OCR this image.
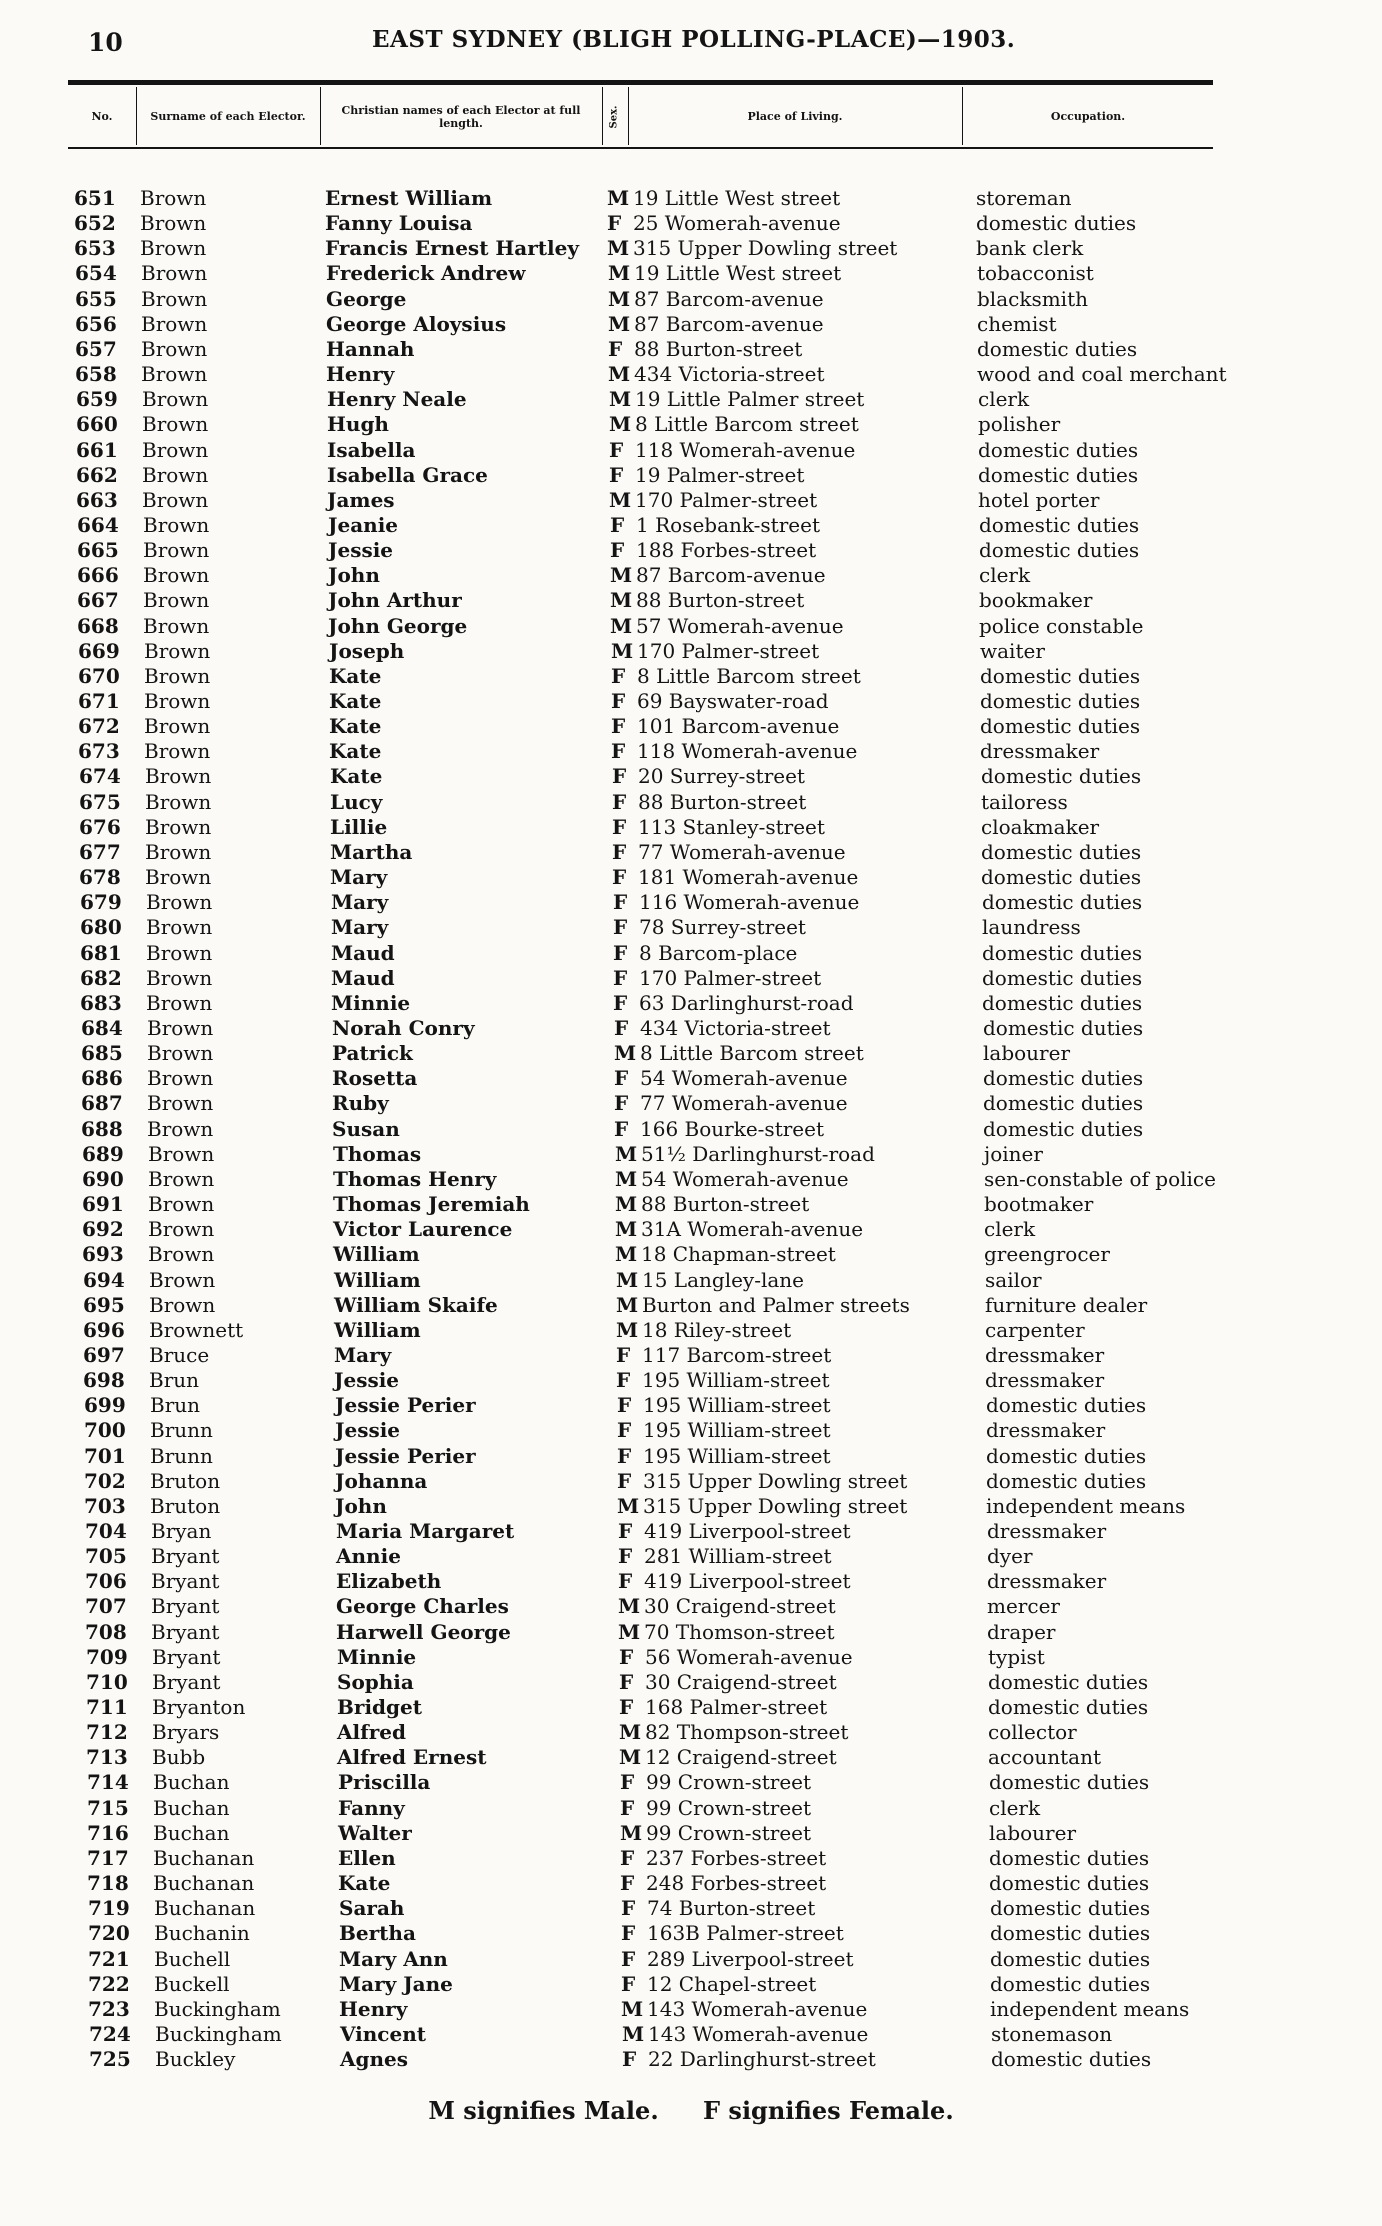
10	EAST SYDNEY (BLIGH POLLING-PLACE)—1903.
No.	Surname of each Elector.
Christian names of each Elector at full length.	Sex.	Place of Living.	Occupation.
651 Brown	Ernest William	M 19 Little West street	storeman
652 Brown	Fanny Louisa	F 25 Womerah-avenue	domestic duties
653 Brown	Francis Ernest Hartley M 315 Upper Dowling street	bank clerk
654 Brown	Frederick Andrew	M 19 Little West street	tobacconist
655 Brown	George	M 87 Barcom-avenue	blacksmith
656 Brown	George Aloysius	M 87 Barcom-avenue	chemist
657 Brown	Hannah	F 88 Burton-street	domestic duties
658 Brown	Henry	M 434 Victoria-street	wood and coal merchant
659 Brown	Henry Neale	M 19 Little Palmer street	clerk
660 Brown	Hugh	M 8 Little Barcom street	polisher
661 Brown	Isabella	F 118 Womerah-avenue	domestic duties
662 Brown	Isabella Grace	F 19 Palmer-street	domestic duties
663 Brown	James	M 170 Palmer-street	hotel porter
664 Brown	Jeanie	F 1 Rosebank-street	domestic duties
665 Brown	Jessie	F 188 Forbes-street	domestic duties
666 Brown	John	M 87 Barcom-avenue	clerk
667 Brown	John Arthur	M 88 Burton-street	bookmaker
668 Brown	John George	M 57 Womerah-avenue	police constable
669 Brown	Joseph	M 170 Palmer-street	waiter
670 Brown	Kate	F 8 Little Barcom street	domestic duties
671 Brown	Kate	F 69 Bayswater-road	domestic duties
672 Brown	Kate	F 101 Barcom-avenue	domestic duties
673 Brown	Kate	F 118 Womerah-avenue	dressmaker
674 Brown	Kate	F 20 Surrey-street	domestic duties
675 Brown	Lucy	F 88 Burton-street	tailoress
676 Brown	Lillie	F 113 Stanley-street	cloakmaker
677 Brown	Martha	F 77 Womerah-avenue	domestic duties
678 Brown	Mary	F 181 Womerah-avenue	domestic duties
679 Brown	Mary	F 116 Womerah-avenue	domestic duties
680 Brown	Mary	F 78 Surrey-street	laundress
681 Brown	Maud	F 8 Barcom-place	domestic duties
682 Brown	Maud	F 170 Palmer-street	domestic duties
683 Brown	Minnie	F 63 Darlinghurst-road	domestic duties
684 Brown	Norah Conry	F 434 Victoria-street	domestic duties
685 Brown	Patrick	M 8 Little Barcom street	labourer
686 Brown	Rosetta	F 54 Womerah-avenue	domestic duties
687 Brown	Ruby	F 77 Womerah-avenue	domestic duties
688 Brown	Susan	F 166 Bourke-street	domestic duties
689 Brown	Thomas	M 51½ Darlinghurst-road	joiner
690 Brown	Thomas Henry	M 54 Womerah-avenue	sen-constable of police
691 Brown	Thomas Jeremiah	M 88 Burton-street	bootmaker
692 Brown	Victor Laurence	M 31A Womerah-avenue	clerk
693 Brown	William	M 18 Chapman-street	greengrocer
694 Brown	William	M 15 Langley-lane	sailor
695 Brown	William Skaife	M Burton and Palmer streets	furniture dealer
696 Brownett	William	M 18 Riley-street	carpenter
697 Bruce	Mary	F 117 Barcom-street	dressmaker
698 Brun	Jessie	F 195 William-street	dressmaker
699 Brun	Jessie Perier	F 195 William-street	domestic duties
700 Brunn	Jessie	F 195 William-street	dressmaker
701 Brunn	Jessie Perier	F 195 William-street	domestic duties
702 Bruton	Johanna	F 315 Upper Dowling street	domestic duties
703 Bruton	John	M 315 Upper Dowling street	independent means
704 Bryan	Maria Margaret	F 419 Liverpool-street	dressmaker
705 Bryant	Annie	F 281 William-street	dyer
706 Bryant	Elizabeth	F 419 Liverpool-street	dressmaker
707 Bryant	George Charles	M 30 Craigend-street	mercer
708 Bryant	Harwell George	M 70 Thomson-street	draper
709 Bryant	Minnie	F 56 Womerah-avenue	typist
710 Bryant	Sophia	F 30 Craigend-street	domestic duties
711 Bryanton	Bridget	F 168 Palmer-street	domestic duties
712 Bryars	Alfred	M 82 Thompson-street	collector
713 Bubb	Alfred Ernest	M 12 Craigend-street	accountant
714 Buchan	Priscilla	F 99 Crown-street	domestic duties
715 Buchan	Fanny	F 99 Crown-street	clerk
716 Buchan	Walter	M 99 Crown-street	labourer
717 Buchanan	Ellen	F 237 Forbes-street	domestic duties
718 Buchanan	Kate	F 248 Forbes-street	domestic duties
719 Buchanan	Sarah	F 74 Burton-street	domestic duties
720 Buchanin	Bertha	F 163B Palmer-street	domestic duties
721 Buchell	Mary Ann	F 289 Liverpool-street	domestic duties
722 Buckell	Mary Jane	F 12 Chapel-street	domestic duties
723 Buckingham	Henry	M 143 Womerah-avenue	independent means
724 Buckingham	Vincent	M 143 Womerah-avenue	stonemason
725 Buckley	Agnes	F 22 Darlinghurst-street	domestic duties
M signifies Male. F signifies Female.
